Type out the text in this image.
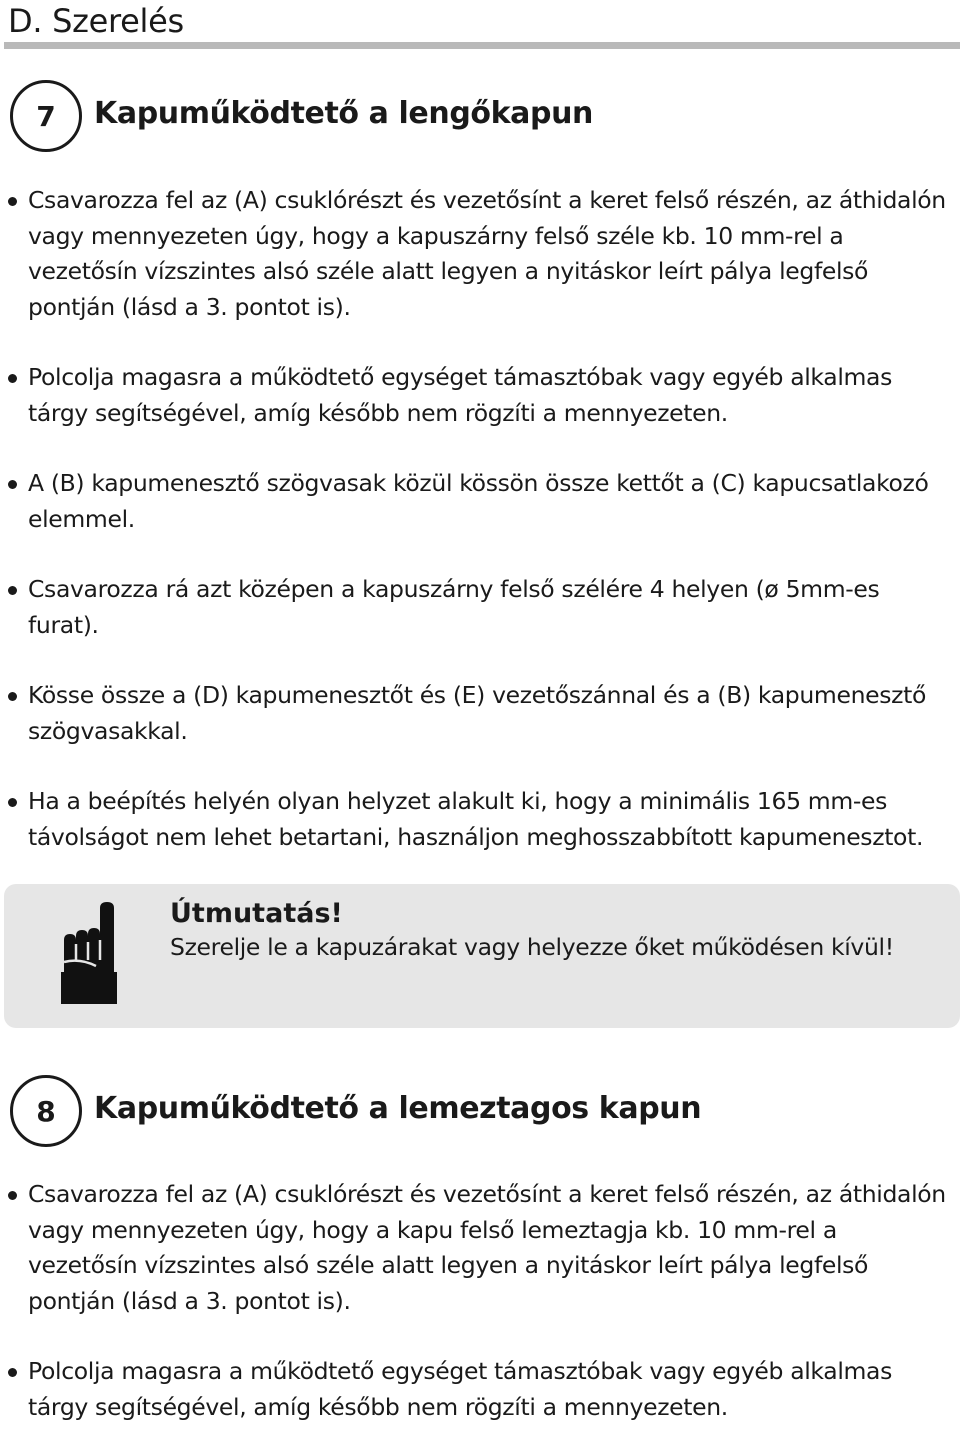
D. Szerelés
7	Kapuműködtető a lengőkapun
Csavarozza fel az (A) csuklórészt és vezetősínt a keret felső részén, az áthidalón vagy mennyezeten úgy, hogy a kapuszárny felső széle kb. 10 mm-rel a vezetősín vízszintes alsó széle alatt legyen a nyitáskor leírt pálya legfelső pontján (lásd a 3. pontot is).
Polcolja magasra a működtető egységet támasztóbak vagy egyéb alkalmas tárgy segítségével, amíg később nem rögzíti a mennyezeten.
A (B) kapumenesztő szögvasak közül kössön össze kettőt a (C) kapucsatlakozó elemmel.
Csavarozza rá azt középen a kapuszárny felső szélére 4 helyen (ø 5mm-es furat).
Kösse össze a (D) kapumenesztőt és (E) vezetőszánnal és a (B) kapumenesztő szögvasakkal.
Ha a beépítés helyén olyan helyzet alakult ki, hogy a minimális 165 mm-es távolságot nem lehet betartani, használjon meghosszabbított kapumenesztot.
Útmutatás!
Szerelje le a kapuzárakat vagy helyezze őket működésen kívül!
8	Kapuműködtető a lemeztagos kapun
Csavarozza fel az (A) csuklórészt és vezetősínt a keret felső részén, az áthidalón vagy mennyezeten úgy, hogy a kapu felső lemeztagja kb. 10 mm-rel a vezetősín vízszintes alsó széle alatt legyen a nyitáskor leírt pálya legfelső pontján (lásd a 3. pontot is).
Polcolja magasra a működtető egységet támasztóbak vagy egyéb alkalmas tárgy segítségével, amíg később nem rögzíti a mennyezeten.
